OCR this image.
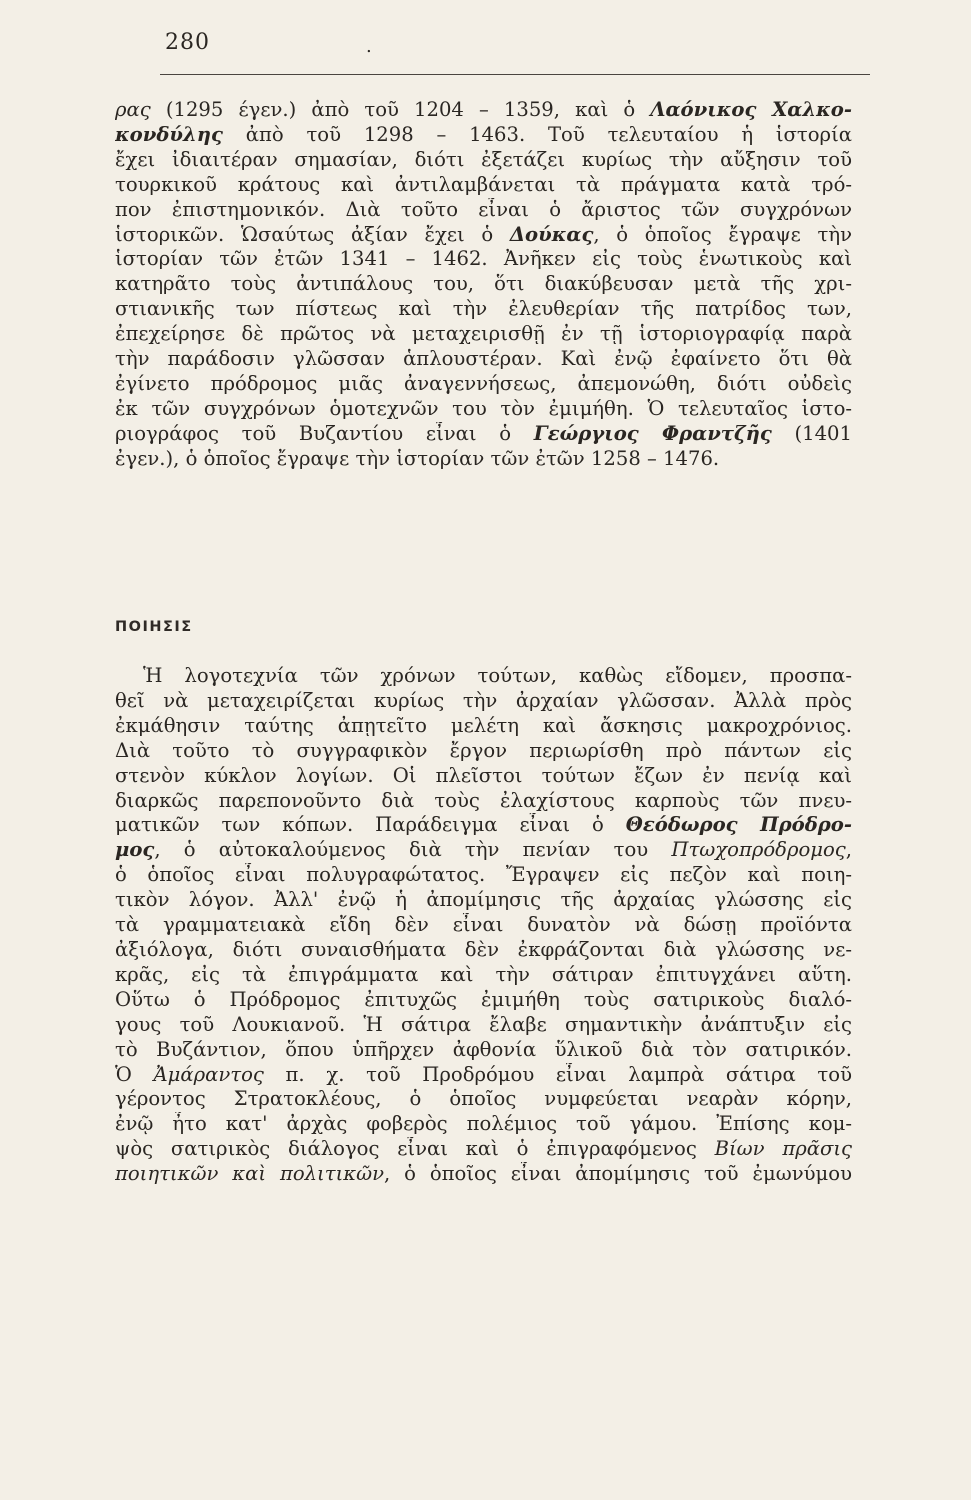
280	.
ρας (1295 έγεν.) ἀπὸ τοῦ 1204 – 1359, καὶ ὁ Λαόνικος Χαλκο-
κονδύλης ἀπὸ τοῦ 1298 – 1463. Τοῦ τελευταίου ἡ ἱστορία
ἔχει ἰδιαιτέραν σημασίαν, διότι ἐξετάζει κυρίως τὴν αὔξησιν τοῦ
τουρκικοῦ κράτους καὶ ἀντιλαμβάνεται τὰ πράγματα κατὰ τρό-
πον ἐπιστημονικόν. Διὰ τοῦτο εἶναι ὁ ἄριστος τῶν συγχρόνων
ἱστορικῶν. Ὡσαύτως ἀξίαν ἔχει ὁ Δούκας, ὁ ὁποῖος ἔγραψε τὴν
ἱστορίαν τῶν ἐτῶν 1341 – 1462. Ἀνῆκεν εἰς τοὺς ἑνωτικοὺς καὶ
κατηρᾶτο τοὺς ἀντιπάλους του, ὅτι διακύβευσαν μετὰ τῆς χρι-
στιανικῆς των πίστεως καὶ τὴν ἐλευθερίαν τῆς πατρίδος των,
ἐπεχείρησε δὲ πρῶτος νὰ μεταχειρισθῇ ἐν τῇ ἱστοριογραφίᾳ παρὰ
τὴν παράδοσιν γλῶσσαν ἁπλουστέραν. Καὶ ἐνῷ ἐφαίνετο ὅτι θὰ
ἐγίνετο πρόδρομος μιᾶς ἀναγεννήσεως, ἀπεμονώθη, διότι οὐδεὶς
ἐκ τῶν συγχρόνων ὁμοτεχνῶν του τὸν ἐμιμήθη. Ὁ τελευταῖος ἱστο-
ριογράφος τοῦ Βυζαντίου εἶναι ὁ Γεώργιος Φραντζῆς (1401
ἐγεν.), ὁ ὁποῖος ἔγραψε τὴν ἱστορίαν τῶν ἐτῶν 1258 – 1476.
ΠΟΙΗΣΙΣ
Ἡ λογοτεχνία τῶν χρόνων τούτων, καθὼς εἴδομεν, προσπα-
θεῖ νὰ μεταχειρίζεται κυρίως τὴν ἀρχαίαν γλῶσσαν. Ἀλλὰ πρὸς
ἐκμάθησιν ταύτης ἀπῃτεῖτο μελέτη καὶ ἄσκησις μακροχρόνιος.
Διὰ τοῦτο τὸ συγγραφικὸν ἔργον περιωρίσθη πρὸ πάντων εἰς
στενὸν κύκλον λογίων. Οἱ πλεῖστοι τούτων ἔζων ἐν πενίᾳ καὶ
διαρκῶς παρεπονοῦντο διὰ τοὺς ἐλαχίστους καρποὺς τῶν πνευ-
ματικῶν των κόπων. Παράδειγμα εἶναι ὁ Θεόδωρος Πρόδρο-
μος, ὁ αὐτοκαλούμενος διὰ τὴν πενίαν του Πτωχοπρόδρομος,
ὁ ὁποῖος εἶναι πολυγραφώτατος. Ἔγραψεν εἰς πεζὸν καὶ ποιη-
τικὸν λόγον. Ἀλλ' ἐνῷ ἡ ἀπομίμησις τῆς ἀρχαίας γλώσσης εἰς
τὰ γραμματειακὰ εἴδη δὲν εἶναι δυνατὸν νὰ δώσῃ προϊόντα
ἀξιόλογα, διότι συναισθήματα δὲν ἐκφράζονται διὰ γλώσσης νε-
κρᾶς, εἰς τὰ ἐπιγράμματα καὶ τὴν σάτιραν ἐπιτυγχάνει αὕτη.
Οὕτω ὁ Πρόδρομος ἐπιτυχῶς ἐμιμήθη τοὺς σατιρικοὺς διαλό-
γους τοῦ Λουκιανοῦ. Ἡ σάτιρα ἔλαβε σημαντικὴν ἀνάπτυξιν εἰς
τὸ Βυζάντιον, ὅπου ὑπῆρχεν ἀφθονία ὕλικοῦ διὰ τὸν σατιρικόν.
Ὁ Ἀμάραντος π. χ. τοῦ Προδρόμου εἶναι λαμπρὰ σάτιρα τοῦ
γέροντος Στρατοκλέους, ὁ ὁποῖος νυμφεύεται νεαρὰν κόρην,
ἐνῷ ἦτο κατ' ἀρχὰς φοβερὸς πολέμιος τοῦ γάμου. Ἐπίσης κομ-
ψὸς σατιρικὸς διάλογος εἶναι καὶ ὁ ἐπιγραφόμενος Βίων πρᾶσις
ποιητικῶν καὶ πολιτικῶν, ὁ ὁποῖος εἶναι ἀπομίμησις τοῦ ἐμωνύμου
